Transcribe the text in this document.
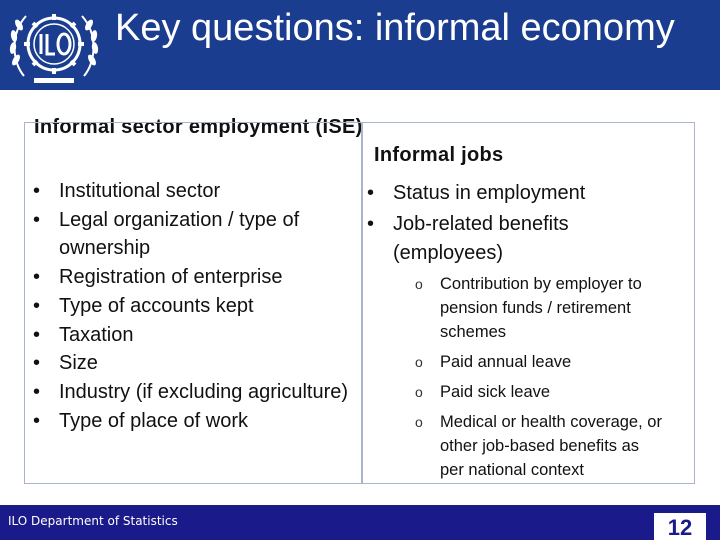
Key questions: informal economy
Informal sector employment (ISE)
Informal jobs
• Institutional sector
• Legal organization / type of ownership
• Registration of enterprise
• Type of accounts kept
• Taxation
• Size
• Industry (if excluding agriculture)
• Type of place of work
• Status in employment
• Job-related benefits (employees)
o Contribution by employer to pension funds / retirement schemes
o Paid annual leave
o Paid sick leave
o Medical or health coverage, or other job-based benefits as per national context
ILO Department of Statistics	12
